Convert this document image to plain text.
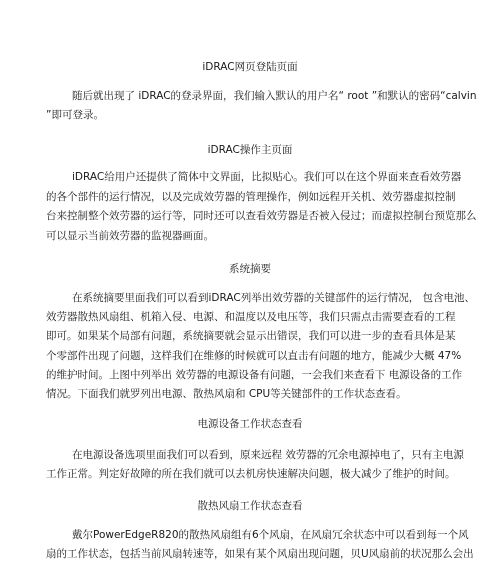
iDRAC网页登陆页面
随后就出现了 iDRAC的登录界面，我们输入默认的用户名“ root ”和默认的密码“calvin
”即可登录。
iDRAC操作主页面
iDRAC给用户还提供了简体中文界面，比拟贴心。我们可以在这个界面来查看效劳器
的各个部件的运行情况，以及完成效劳器的管理操作，例如远程开关机、效劳器虚拟控制
台来控制整个效劳器的运行等，同时还可以查看效劳器是否被入侵过；而虚拟控制台预览那么
可以显示当前效劳器的监视器画面。
系统摘要
在系统摘要里面我们可以看到iDRAC列举出效劳器的关键部件的运行情况， 包含电池、
效劳器散热风扇组、机箱入侵、电源、和温度以及电压等，我们只需点击需要查看的工程
即可。如果某个局部有问题，系统摘要就会显示出错误，我们可以进一步的查看具体是某
个零部件出现了问题，这样我们在维修的时候就可以直击有问题的地方，能减少大概 47%
的维护时间。上图中列举出 效劳器的电源设备有问题，一会我们来查看下 电源设备的工作
情况。下面我们就罗列出电源、散热风扇和 CPU等关键部件的工作状态查看。
电源设备工作状态查看
在电源设备选项里面我们可以看到，原来远程 效劳器的冗余电源掉电了，只有主电源
工作正常。判定好故障的所在我们就可以去机房快速解决问题，极大减少了维护的时间。
散热风扇工作状态查看
戴尔PowerEdgeR820的散热风扇组有6个风扇，在风扇冗余状态中可以看到每一个风
扇的工作状态，包括当前风扇转速等，如果有某个风扇出现问题，贝U风扇前的状况那么会出
